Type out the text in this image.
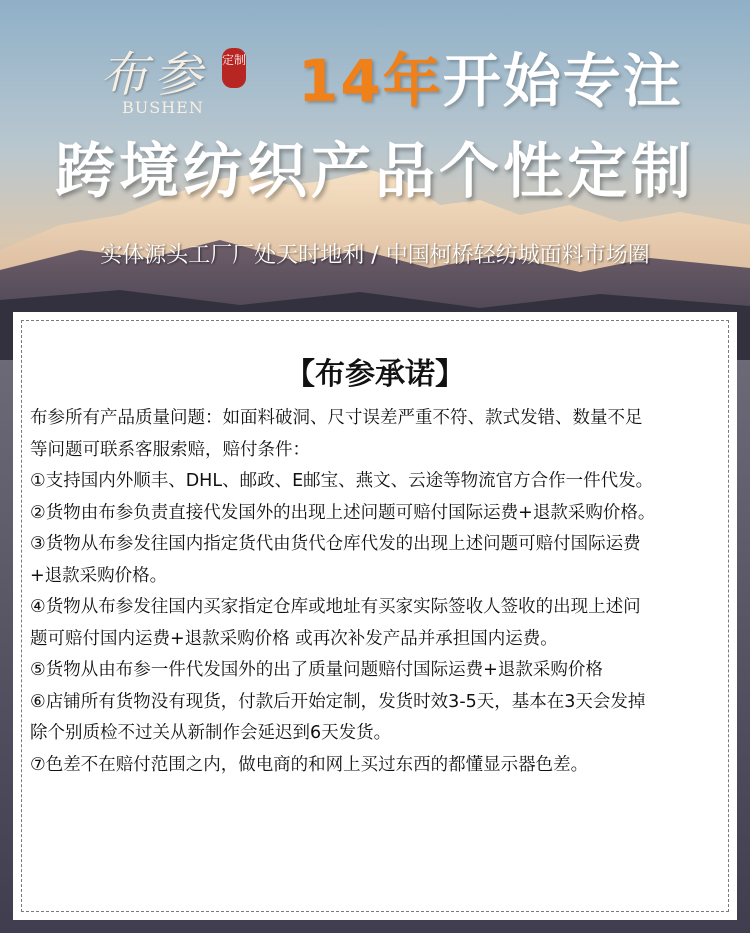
布参 定制
BUSHEN 14年开始专注
跨境纺织产品个性定制
实体源头工厂厂处天时地利 / 中国柯桥轻纺城面料市场圈
【布参承诺】

布参所有产品质量问题：如面料破洞、尺寸误差严重不符、款式发错、数量不足

等问题可联系客服索赔，赔付条件：

①支持国内外顺丰、DHL、邮政、E邮宝、燕文、云途等物流官方合作一件代发。

②货物由布参负责直接代发国外的出现上述问题可赔付国际运费+退款采购价格。

③货物从布参发往国内指定货代由货代仓库代发的出现上述问题可赔付国际运费

+退款采购价格。

④货物从布参发往国内买家指定仓库或地址有买家实际签收人签收的出现上述问

题可赔付国内运费+退款采购价格 或再次补发产品并承担国内运费。

⑤货物从由布参一件代发国外的出了质量问题赔付国际运费+退款采购价格

⑥店铺所有货物没有现货，付款后开始定制，发货时效3-5天，基本在3天会发掉

除个别质检不过关从新制作会延迟到6天发货。

⑦色差不在赔付范围之内，做电商的和网上买过东西的都懂显示器色差。
